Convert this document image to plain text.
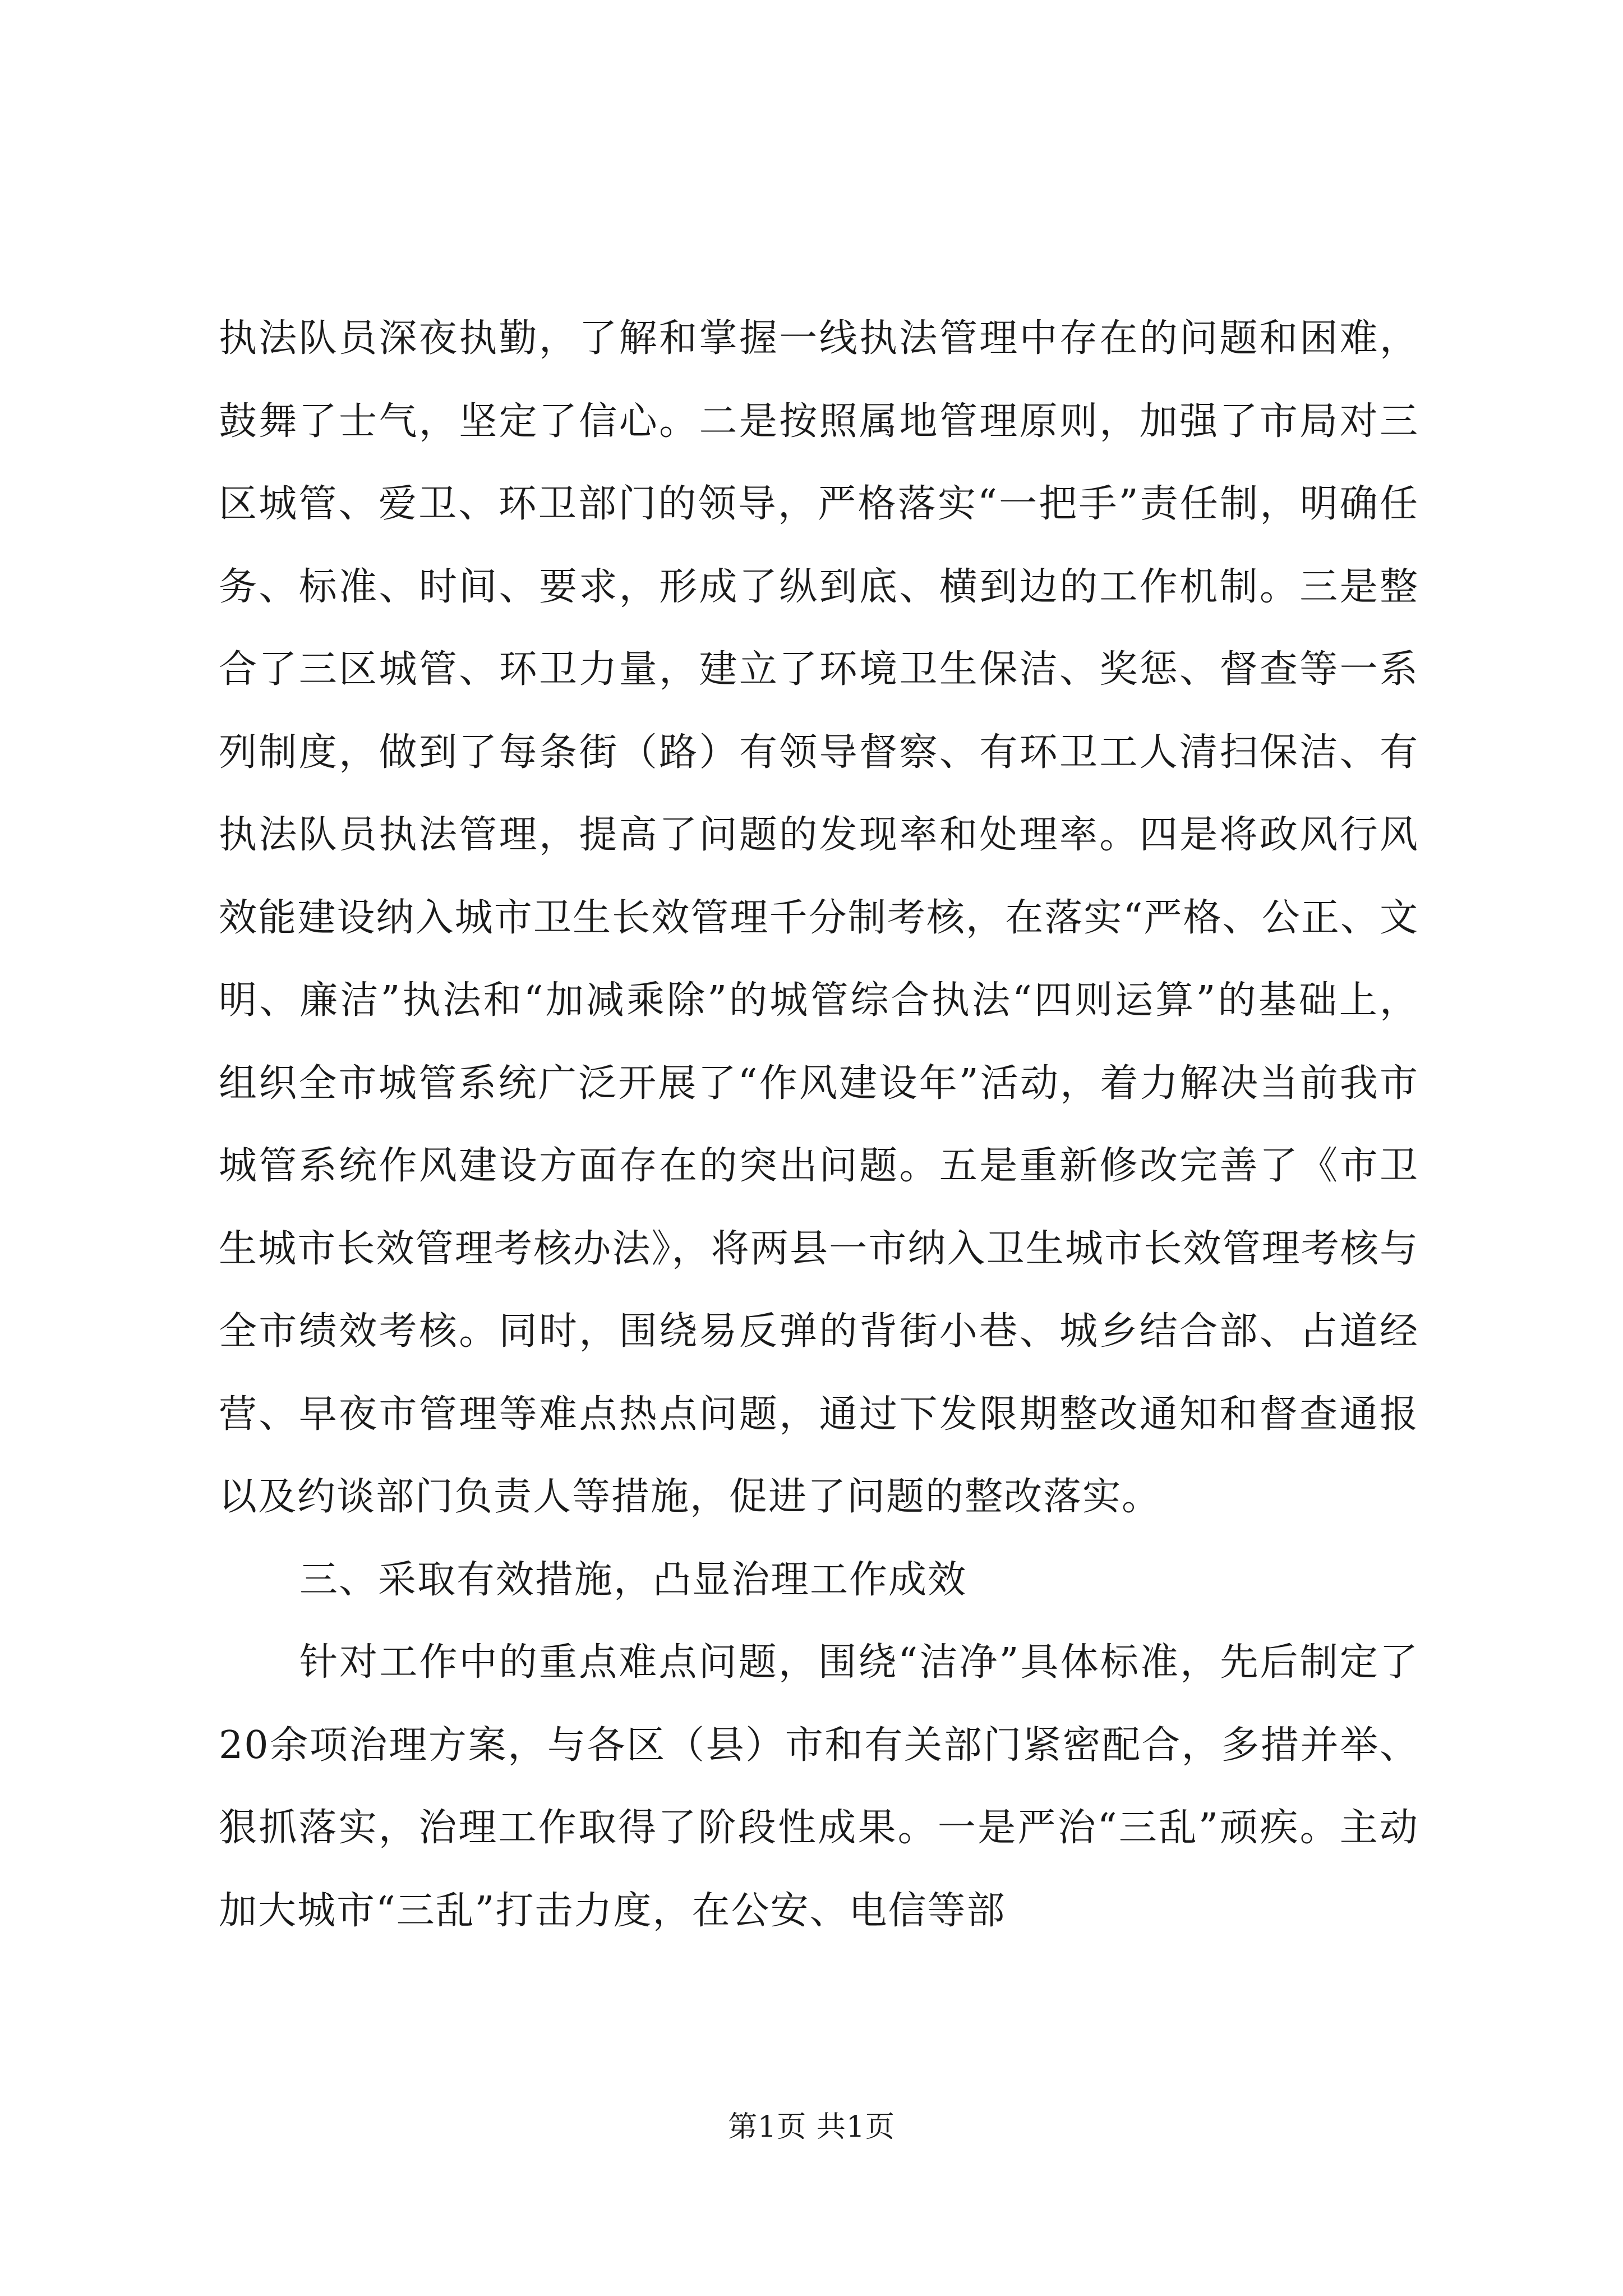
执法队员深夜执勤，了解和掌握一线执法管理中存在的问题和困难，鼓舞了士气，坚定了信心。二是按照属地管理原则，加强了市局对三区城管、爱卫、环卫部门的领导，严格落实“一把手”责任制，明确任务、标准、时间、要求，形成了纵到底、横到边的工作机制。三是整合了三区城管、环卫力量，建立了环境卫生保洁、奖惩、督查等一系列制度，做到了每条街（路）有领导督察、有环卫工人清扫保洁、有执法队员执法管理，提高了问题的发现率和处理率。四是将政风行风效能建设纳入城市卫生长效管理千分制考核，在落实“严格、公正、文明、廉洁”执法和“加减乘除”的城管综合执法“四则运算”的基础上，组织全市城管系统广泛开展了“作风建设年”活动，着力解决当前我市城管系统作风建设方面存在的突出问题。五是重新修改完善了《市卫生城市长效管理考核办法》，将两县一市纳入卫生城市长效管理考核与全市绩效考核。同时，围绕易反弹的背街小巷、城乡结合部、占道经营、早夜市管理等难点热点问题，通过下发限期整改通知和督查通报以及约谈部门负责人等措施，促进了问题的整改落实。

三、采取有效措施，凸显治理工作成效

针对工作中的重点难点问题，围绕“洁净”具体标准，先后制定了20余项治理方案，与各区（县）市和有关部门紧密配合，多措并举、狠抓落实，治理工作取得了阶段性成果。一是严治“三乱”顽疾。主动加大城市“三乱”打击力度，在公安、电信等部

第1页 共1页
